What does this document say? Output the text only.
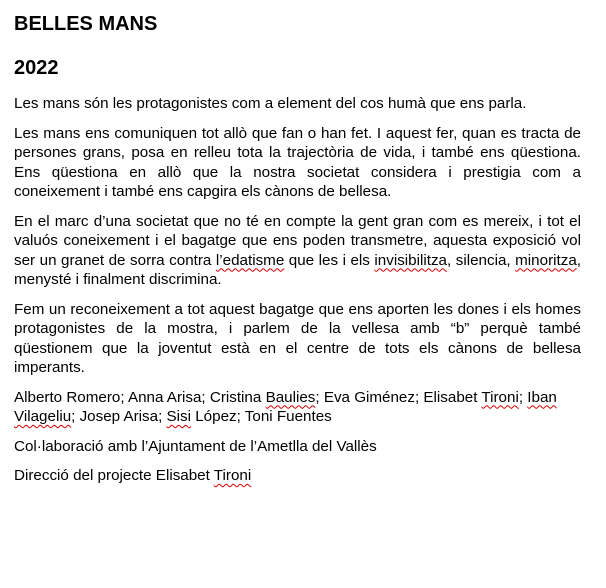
BELLES MANS
2022

Les mans són les protagonistes com a element del cos humà que ens parla.

Les mans ens comuniquen tot allò que fan o han fet. I aquest fer, quan es tracta de persones grans, posa en relleu tota la trajectòria de vida, i també ens qüestiona. Ens qüestiona en allò que la nostra societat considera i prestigia com a coneixement i també ens capgira els cànons de bellesa.

En el marc d’una societat que no té en compte la gent gran com es mereix, i tot el valuós coneixement i el bagatge que ens poden transmetre, aquesta exposició vol ser un granet de sorra contra l’edatisme que les i els invisibilitza, silencia, minoritza, menysté i finalment discrimina.

Fem un reconeixement a tot aquest bagatge que ens aporten les dones i els homes protagonistes de la mostra, i parlem de la vellesa amb “b” perquè també qüestionem que la joventut està en el centre de tots els cànons de bellesa imperants.

Alberto Romero; Anna Arisa; Cristina Baulies; Eva Giménez; Elisabet Tironi; Iban Vilageliu; Josep Arisa; Sisi López; Toni Fuentes

Col·laboració amb l’Ajuntament de l’Ametlla del Vallès

Direcció del projecte Elisabet Tironi
